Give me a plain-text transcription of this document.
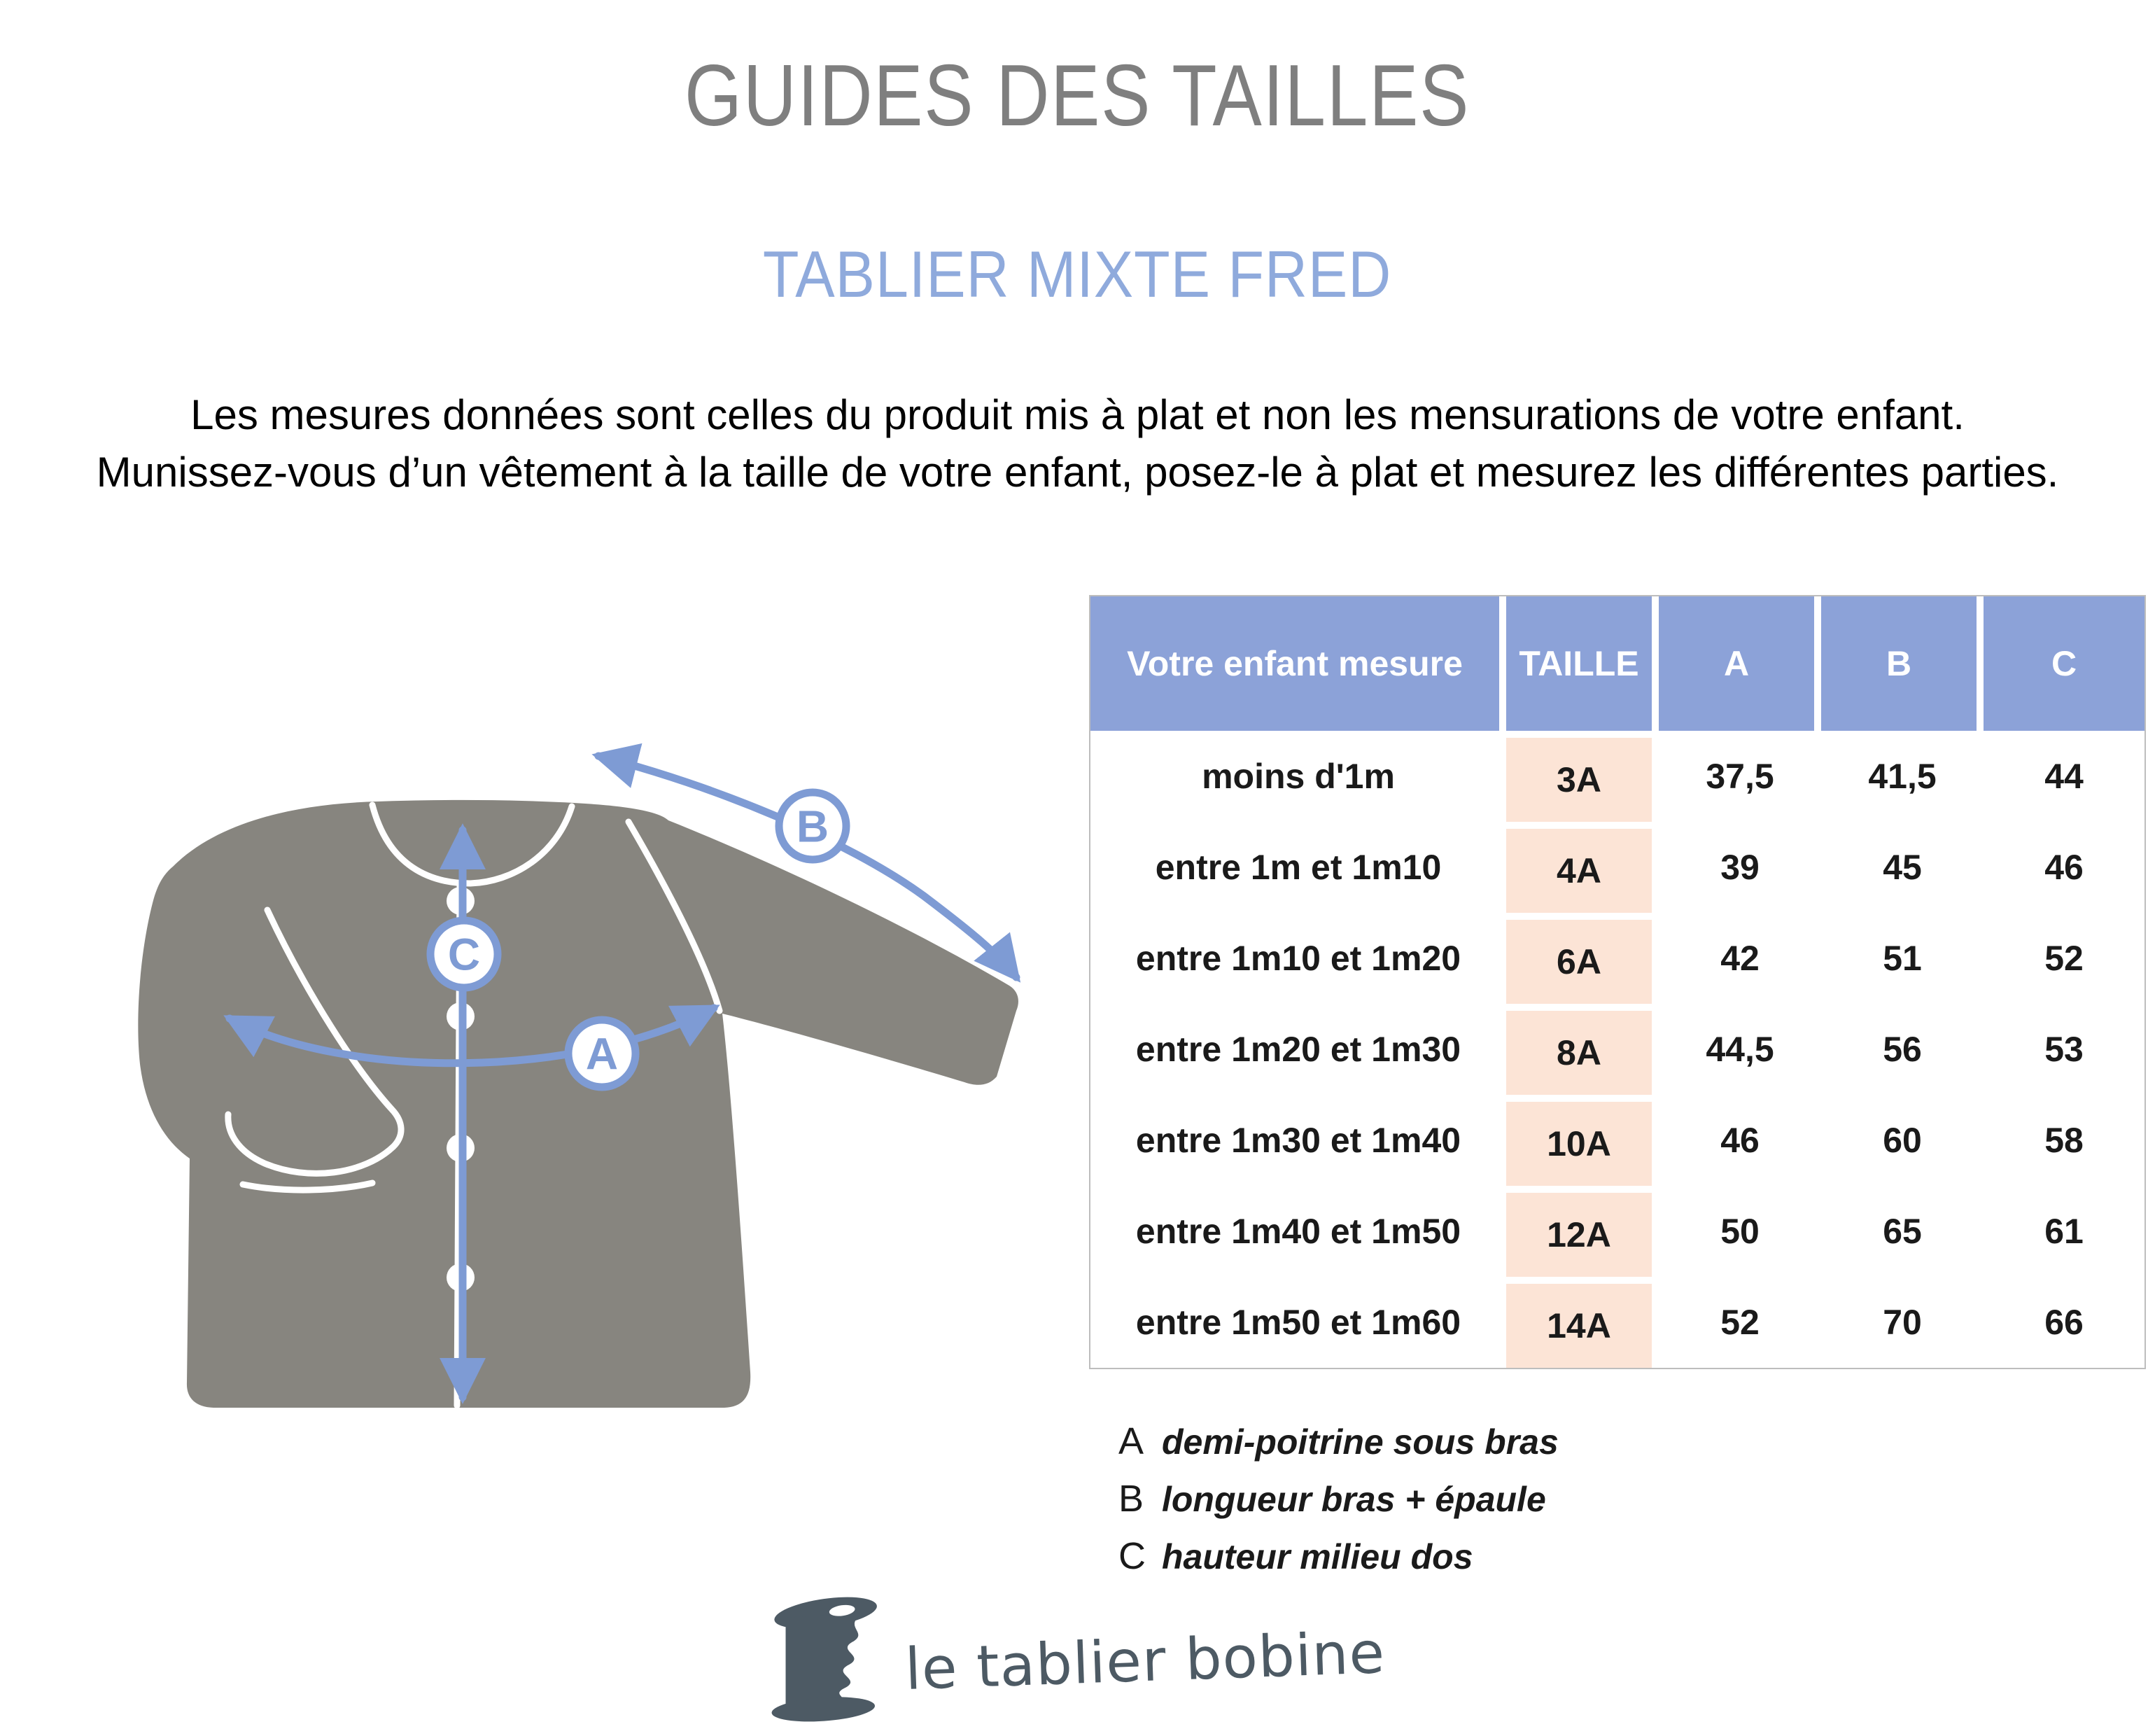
GUIDES DES TAILLES
TABLIER MIXTE FRED
Les mesures données sont celles du produit mis à plat et non les mensurations de votre enfant.
Munissez-vous d’un vêtement à la taille de votre enfant, posez-le à plat et mesurez les différentes parties.
C
A
B
Votre enfant mesure	TAILLE	A	B	C
moins d'1m	3A	37,5	41,5	44
entre 1m et 1m10	4A	39	45	46
entre 1m10 et 1m20	6A	42	51	52
entre 1m20 et 1m30	8A	44,5	56	53
entre 1m30 et 1m40	10A	46	60	58
entre 1m40 et 1m50	12A	50	65	61
entre 1m50 et 1m60	14A	52	70	66
A demi-poitrine sous bras
B longueur bras + épaule
C hauteur milieu dos
le tablier bobine
